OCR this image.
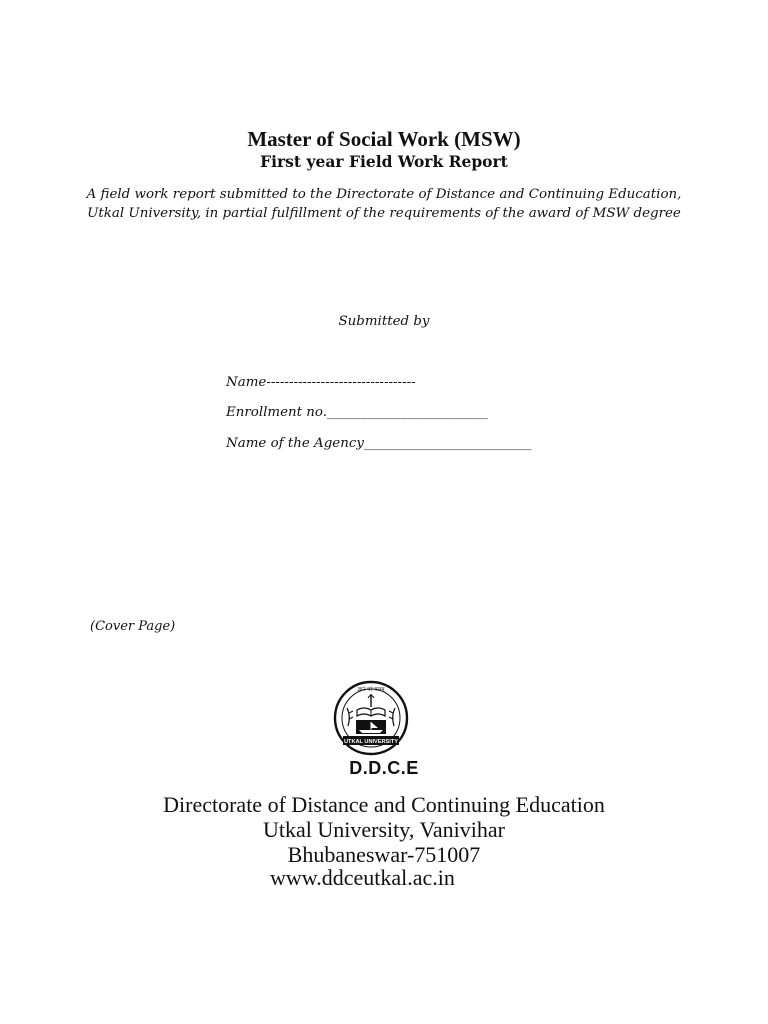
Master of Social Work (MSW)
First year Field Work Report
A field work report submitted to the Directorate of Distance and Continuing Education, Utkal University, in partial fulfillment of the requirements of the award of MSW degree
Submitted by
Name---------------------------------
Enrollment no.________________________
Name of the Agency_________________________
(Cover Page)
ज्ञानं परं बलम्
UTKAL UNIVERSITY
D.D.C.E
Directorate of Distance and Continuing Education
Utkal University, Vanivihar
Bhubaneswar-751007
www.ddceutkal.ac.in
